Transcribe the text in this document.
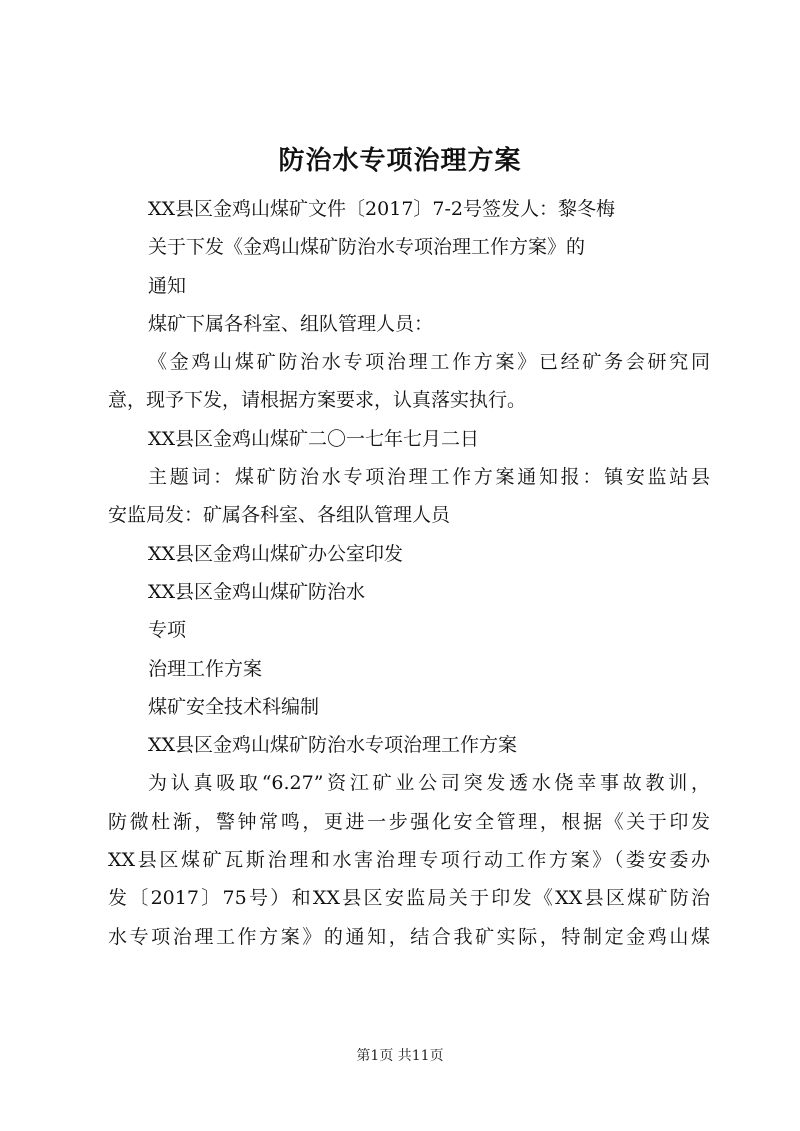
防治水专项治理方案
XX县区金鸡山煤矿文件〔2017〕7-2号签发人：黎冬梅
关于下发《金鸡山煤矿防治水专项治理工作方案》的
通知
煤矿下属各科室、组队管理人员：
《金鸡山煤矿防治水专项治理工作方案》已经矿务会研究同
意，现予下发，请根据方案要求，认真落实执行。
XX县区金鸡山煤矿二〇一七年七月二日
主题词：煤矿防治水专项治理工作方案通知报：镇安监站县
安监局发：矿属各科室、各组队管理人员
XX县区金鸡山煤矿办公室印发
XX县区金鸡山煤矿防治水
专项
治理工作方案
煤矿安全技术科编制
XX县区金鸡山煤矿防治水专项治理工作方案
为认真吸取“6.27”资江矿业公司突发透水侥幸事故教训，
防微杜渐，警钟常鸣，更进一步强化安全管理，根据《关于印发
XX县区煤矿瓦斯治理和水害治理专项行动工作方案》（娄安委办
发〔2017〕75号）和XX县区安监局关于印发《XX县区煤矿防治
水专项治理工作方案》的通知，结合我矿实际，特制定金鸡山煤
第1页 共11页
